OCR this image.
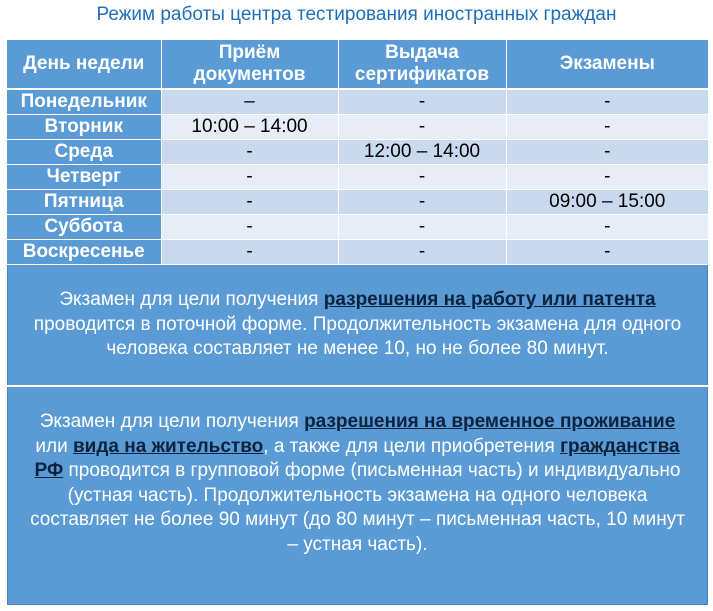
Режим работы центра тестирования иностранных граждан
День недели	Приём документов	Выдача сертификатов	Экзамены
Понедельник	–	-	-
Вторник	10:00 – 14:00	-	-
Среда	-	12:00 – 14:00	-
Четверг	-	-	-
Пятница	-	-	09:00 – 15:00
Суббота	-	-	-
Воскресенье	-	-	-
Экзамен для цели получения разрешения на работу или патента проводится в поточной форме. Продолжительность экзамена для одного человека составляет не менее 10, но не более 80 минут.
Экзамен для цели получения разрешения на временное проживание или вида на жительство, а также для цели приобретения гражданства РФ проводится в групповой форме (письменная часть) и индивидуально (устная часть). Продолжительность экзамена на одного человека составляет не более 90 минут (до 80 минут – письменная часть, 10 минут – устная часть).
